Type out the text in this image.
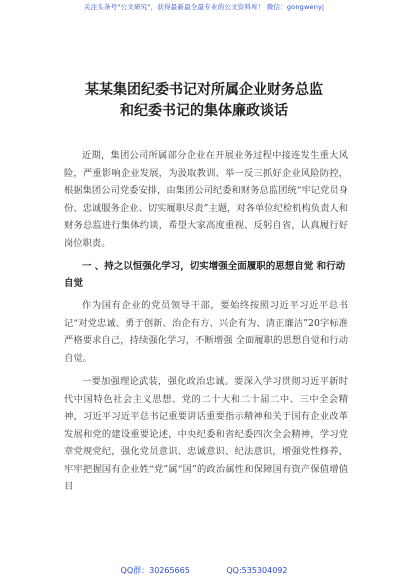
关注头条号"公文研究"，获得最新最全最专业的公文资料库！ 微信：gongwenyj
某某集团纪委书记对所属企业财务总监
和纪委书记的集体廉政谈话

近期，集团公司所属部分企业在开展业务过程中接连发生重大风险，严重影响企业发展，为汲取教训、举一反三抓好企业风险防控，根据集团公司党委安排，由集团公司纪委和财务总监团统“牢记党员身份、忠诚服务企业、切实履职尽责”主题，对各单位纪检机构负责人和财务总监进行集体约谈，希望大家高度重视、反躬自省，认真履行好岗位职责。

一 、持之以恒强化学习，切实增强全面履职的思想自觉 和行动自觉

作为国有企业的党员领导干部，要始终按照习近平习近平总书记“对党忠诚、勇于创新、治企有方、兴企有为、清正廉洁”20字标准严格要求自己，持续强化学习，不断增强 全面履职的思想自觉和行动自觉。

一要加强理论武装，强化政治忠诚。要深入学习贯彻习近平新时代中国特色社会主义思想、党的二十大和二十届二中、三中全会精神，习近平习近平总书记重要讲话重要指示精神和关于国有企业改革发展和党的建设重要论述，中央纪委和省纪委四次全会精神，学习党章党规党纪，强化党员意识、忠诚意识、纪法意识，增强党性修养，牢牢把握国有企业姓“党”属“国”的政治属性和保障国有资产保值增值目

QQ群：30265665	QQ:535304092
